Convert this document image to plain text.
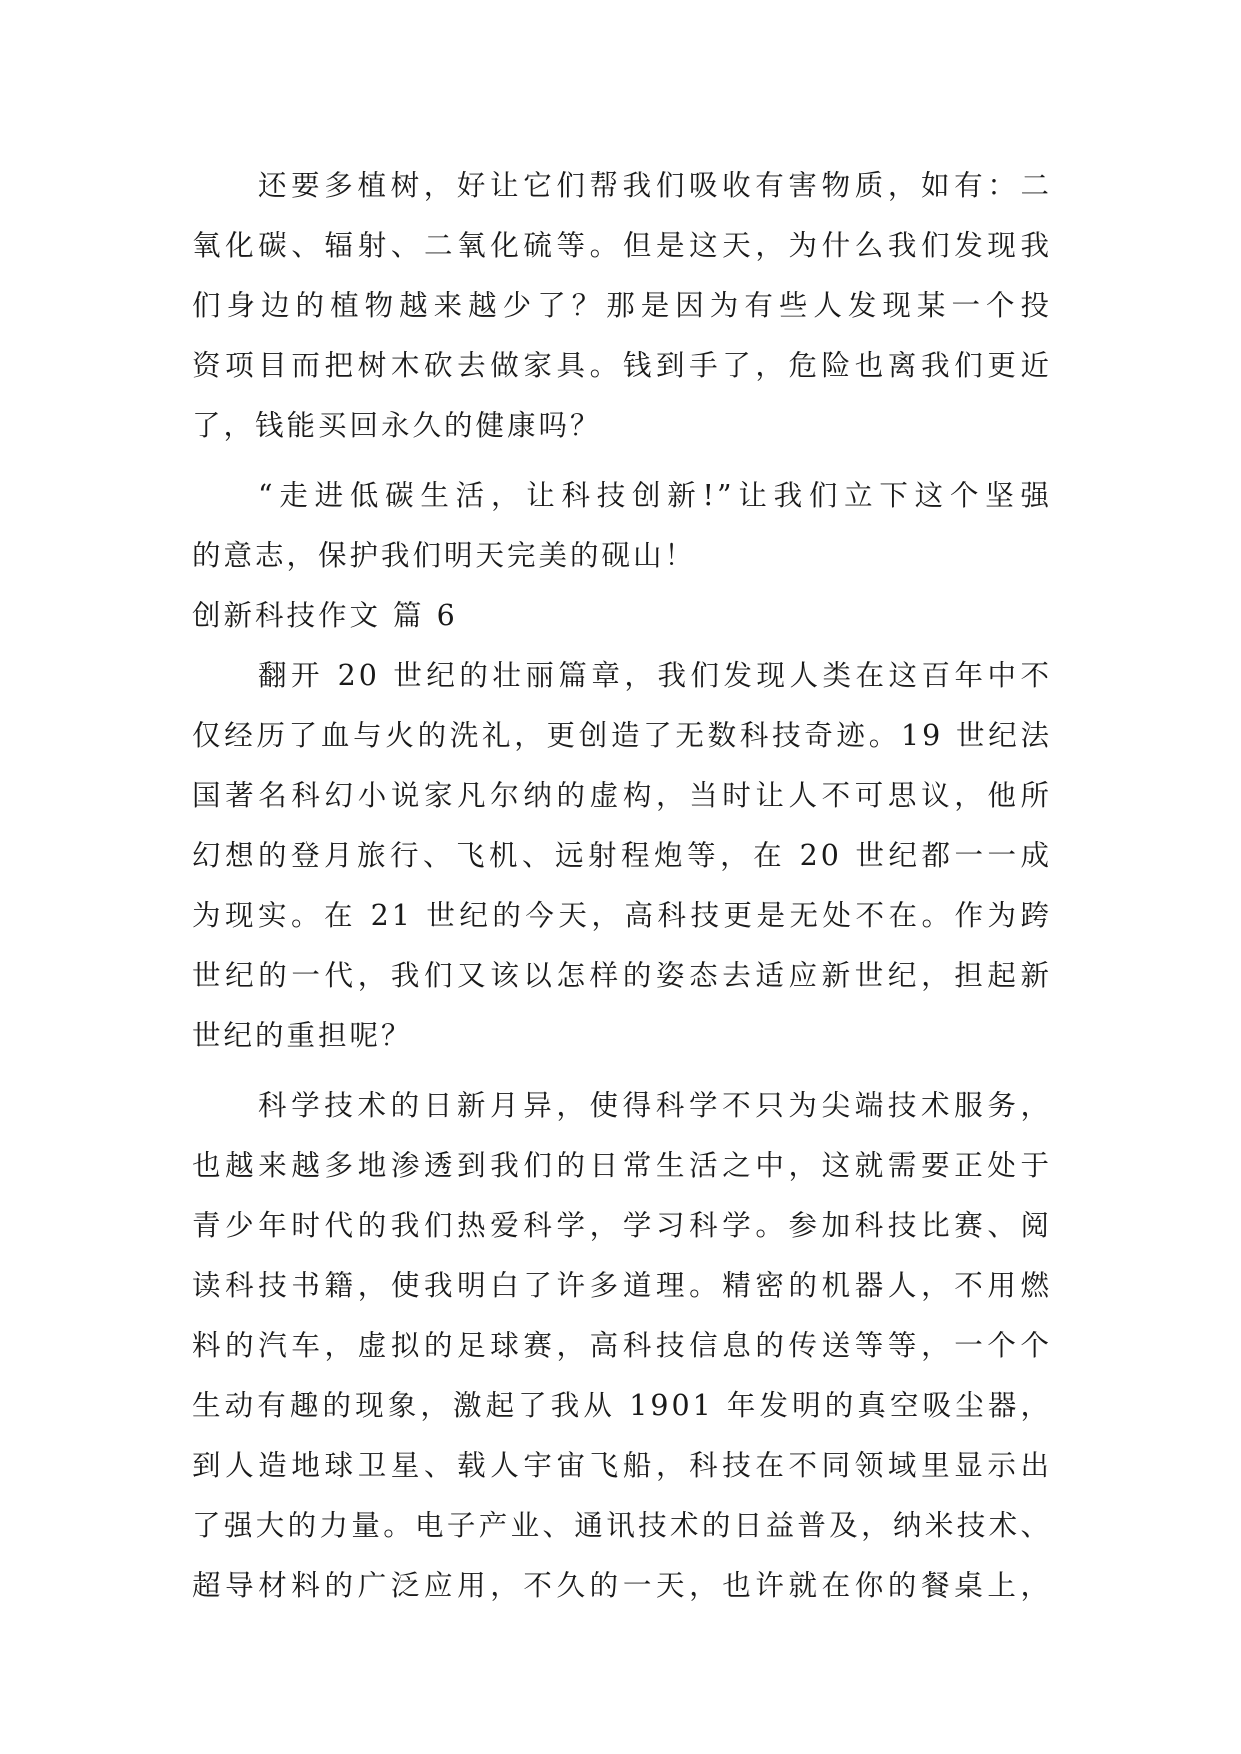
还要多植树，好让它们帮我们吸收有害物质，如有：二
氧化碳、辐射、二氧化硫等。但是这天，为什么我们发现我
们身边的植物越来越少了？那是因为有些人发现某一个投
资项目而把树木砍去做家具。钱到手了，危险也离我们更近
了，钱能买回永久的健康吗？
“走进低碳生活，让科技创新!”让我们立下这个坚强
的意志，保护我们明天完美的砚山！
创新科技作文 篇 6
翻开 20 世纪的壮丽篇章，我们发现人类在这百年中不
仅经历了血与火的洗礼，更创造了无数科技奇迹。19 世纪法
国著名科幻小说家凡尔纳的虚构，当时让人不可思议，他所
幻想的登月旅行、飞机、远射程炮等，在 20 世纪都一一成
为现实。在 21 世纪的今天，高科技更是无处不在。作为跨
世纪的一代，我们又该以怎样的姿态去适应新世纪，担起新
世纪的重担呢？
科学技术的日新月异，使得科学不只为尖端技术服务，
也越来越多地渗透到我们的日常生活之中，这就需要正处于
青少年时代的我们热爱科学，学习科学。参加科技比赛、阅
读科技书籍，使我明白了许多道理。精密的机器人，不用燃
料的汽车，虚拟的足球赛，高科技信息的传送等等，一个个
生动有趣的现象，激起了我从 1901 年发明的真空吸尘器，
到人造地球卫星、载人宇宙飞船，科技在不同领域里显示出
了强大的力量。电子产业、通讯技术的日益普及，纳米技术、
超导材料的广泛应用，不久的一天，也许就在你的餐桌上，
